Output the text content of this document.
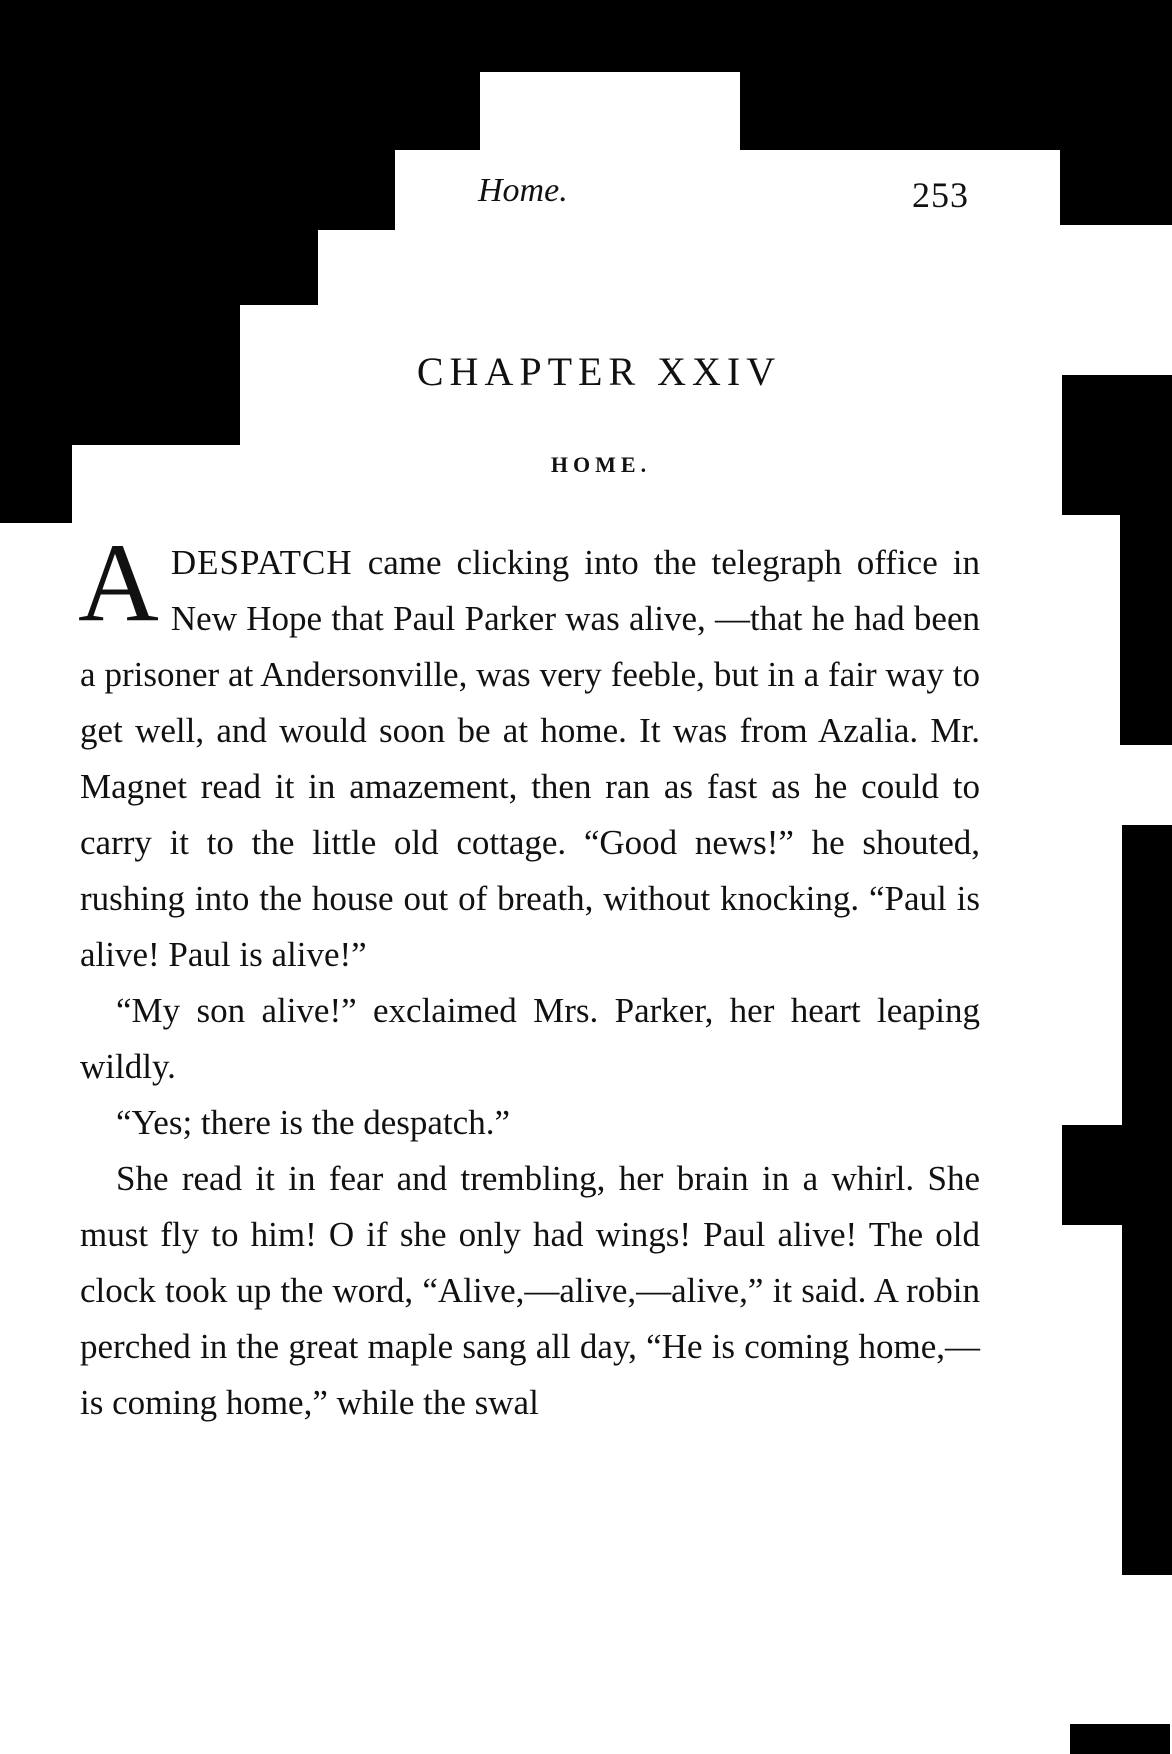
Home.	253
CHAPTER XXIV
HOME.

ADESPATCH came clicking into the telegraph office in New Hope that Paul Parker was alive, —that he had been a prisoner at Andersonville, was very feeble, but in a fair way to get well, and would soon be at home. It was from Azalia. Mr. Magnet read it in amazement, then ran as fast as he could to carry it to the little old cottage. “Good news!” he shouted, rushing into the house out of breath, without knocking. “Paul is alive! Paul is alive!”

“My son alive!” exclaimed Mrs. Parker, her heart leaping wildly.

“Yes; there is the despatch.”

She read it in fear and trembling, her brain in a whirl. She must fly to him! O if she only had wings! Paul alive! The old clock took up the word, “Alive,—alive,—alive,” it said. A robin perched in the great maple sang all day, “He is coming home,—is coming home,” while the swal
